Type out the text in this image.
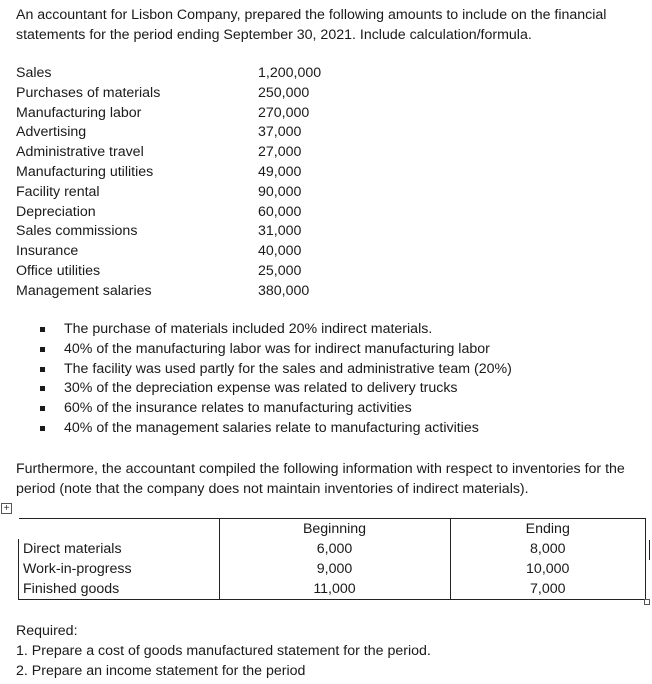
An accountant for Lisbon Company, prepared the following amounts to include on the financial statements for the period ending September 30, 2021. Include calculation/formula.

Sales	1,200,000
Purchases of materials	250,000
Manufacturing labor	270,000
Advertising	37,000
Administrative travel	27,000
Manufacturing utilities	49,000
Facility rental	90,000
Depreciation	60,000
Sales commissions	31,000
Insurance	40,000
Office utilities	25,000
Management salaries	380,000
The purchase of materials included 20% indirect materials.
40% of the manufacturing labor was for indirect manufacturing labor
The facility was used partly for the sales and administrative team (20%)
30% of the depreciation expense was related to delivery trucks
60% of the insurance relates to manufacturing activities
40% of the management salaries relate to manufacturing activities

Furthermore, the accountant compiled the following information with respect to inventories for the period (note that the company does not maintain inventories of indirect materials).

+
	Beginning	Ending
Direct materials	6,000	8,000
Work-in-progress	9,000	10,000
Finished goods	11,000	7,000
Required:
1. Prepare a cost of goods manufactured statement for the period.
2. Prepare an income statement for the period
